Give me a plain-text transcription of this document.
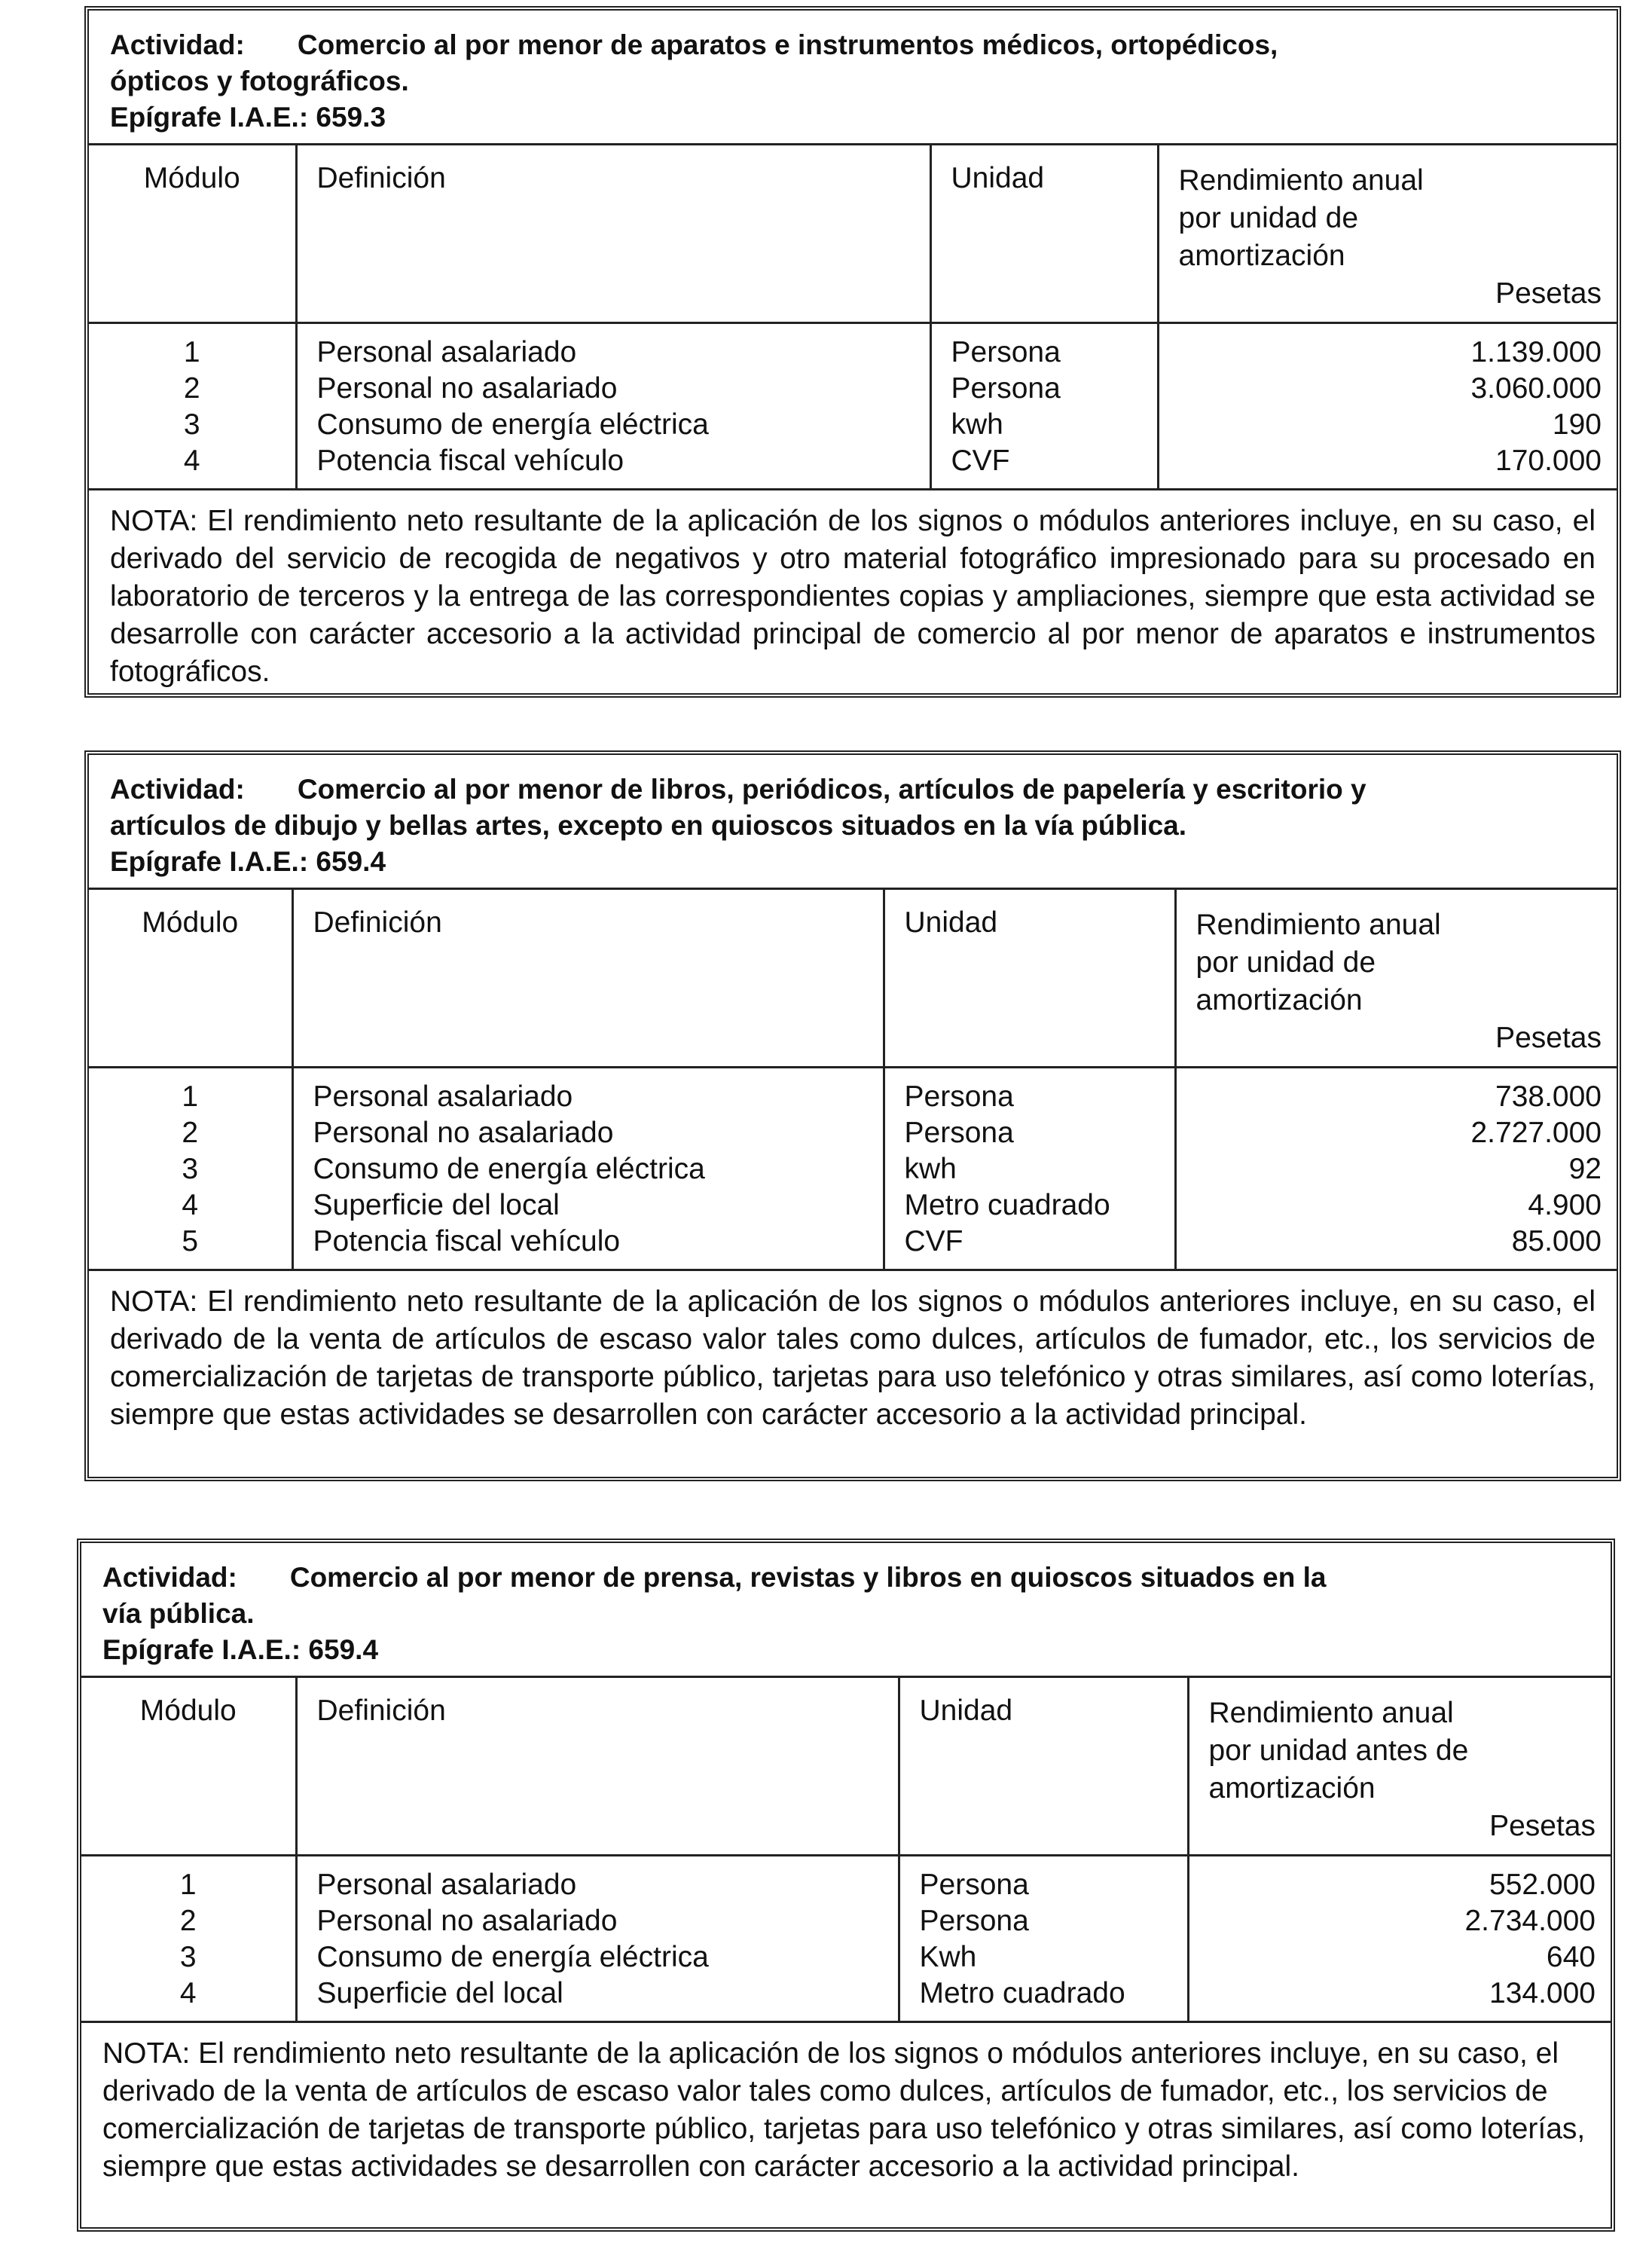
Actividad: Comercio al por menor de aparatos e instrumentos médicos, ortopédicos,
ópticos y fotográficos.
Epígrafe I.A.E.: 659.3
Módulo	Definición	Unidad	Rendimiento anual
por unidad de
amortización
Pesetas

1	Personal asalariado	Persona	1.139.000
2	Personal no asalariado	Persona	3.060.000
3	Consumo de energía eléctrica	kwh	190
4	Potencia fiscal vehículo	CVF	170.000
NOTA: El rendimiento neto resultante de la aplicación de los signos o módulos anteriores incluye, en su caso, el derivado del servicio de recogida de negativos y otro material fotográfico impresionado para su procesado en laboratorio de terceros y la entrega de las correspondientes copias y ampliaciones, siempre que esta actividad se desarrolle con carácter accesorio a la actividad principal de comercio al por menor de aparatos e instrumentos fotográficos.
Actividad: Comercio al por menor de libros, periódicos, artículos de papelería y escritorio y
artículos de dibujo y bellas artes, excepto en quioscos situados en la vía pública.
Epígrafe I.A.E.: 659.4
Módulo	Definición	Unidad	Rendimiento anual
por unidad de
amortización
Pesetas

1	Personal asalariado	Persona	738.000
2	Personal no asalariado	Persona	2.727.000
3	Consumo de energía eléctrica	kwh	92
4	Superficie del local	Metro cuadrado	4.900
5	Potencia fiscal vehículo	CVF	85.000
NOTA: El rendimiento neto resultante de la aplicación de los signos o módulos anteriores incluye, en su caso, el derivado de la venta de artículos de escaso valor tales como dulces, artículos de fumador, etc., los servicios de comercialización de tarjetas de transporte público, tarjetas para uso telefónico y otras similares, así como loterías, siempre que estas actividades se desarrollen con carácter accesorio a la actividad principal.
Actividad: Comercio al por menor de prensa, revistas y libros en quioscos situados en la
vía pública.
Epígrafe I.A.E.: 659.4
Módulo	Definición	Unidad	Rendimiento anual
por unidad antes de
amortización
Pesetas

1	Personal asalariado	Persona	552.000
2	Personal no asalariado	Persona	2.734.000
3	Consumo de energía eléctrica	Kwh	640
4	Superficie del local	Metro cuadrado	134.000
NOTA: El rendimiento neto resultante de la aplicación de los signos o módulos anteriores incluye, en su caso, el derivado de la venta de artículos de escaso valor tales como dulces, artículos de fumador, etc., los servicios de comercialización de tarjetas de transporte público, tarjetas para uso telefónico y otras similares, así como loterías, siempre que estas actividades se desarrollen con carácter accesorio a la actividad principal.
